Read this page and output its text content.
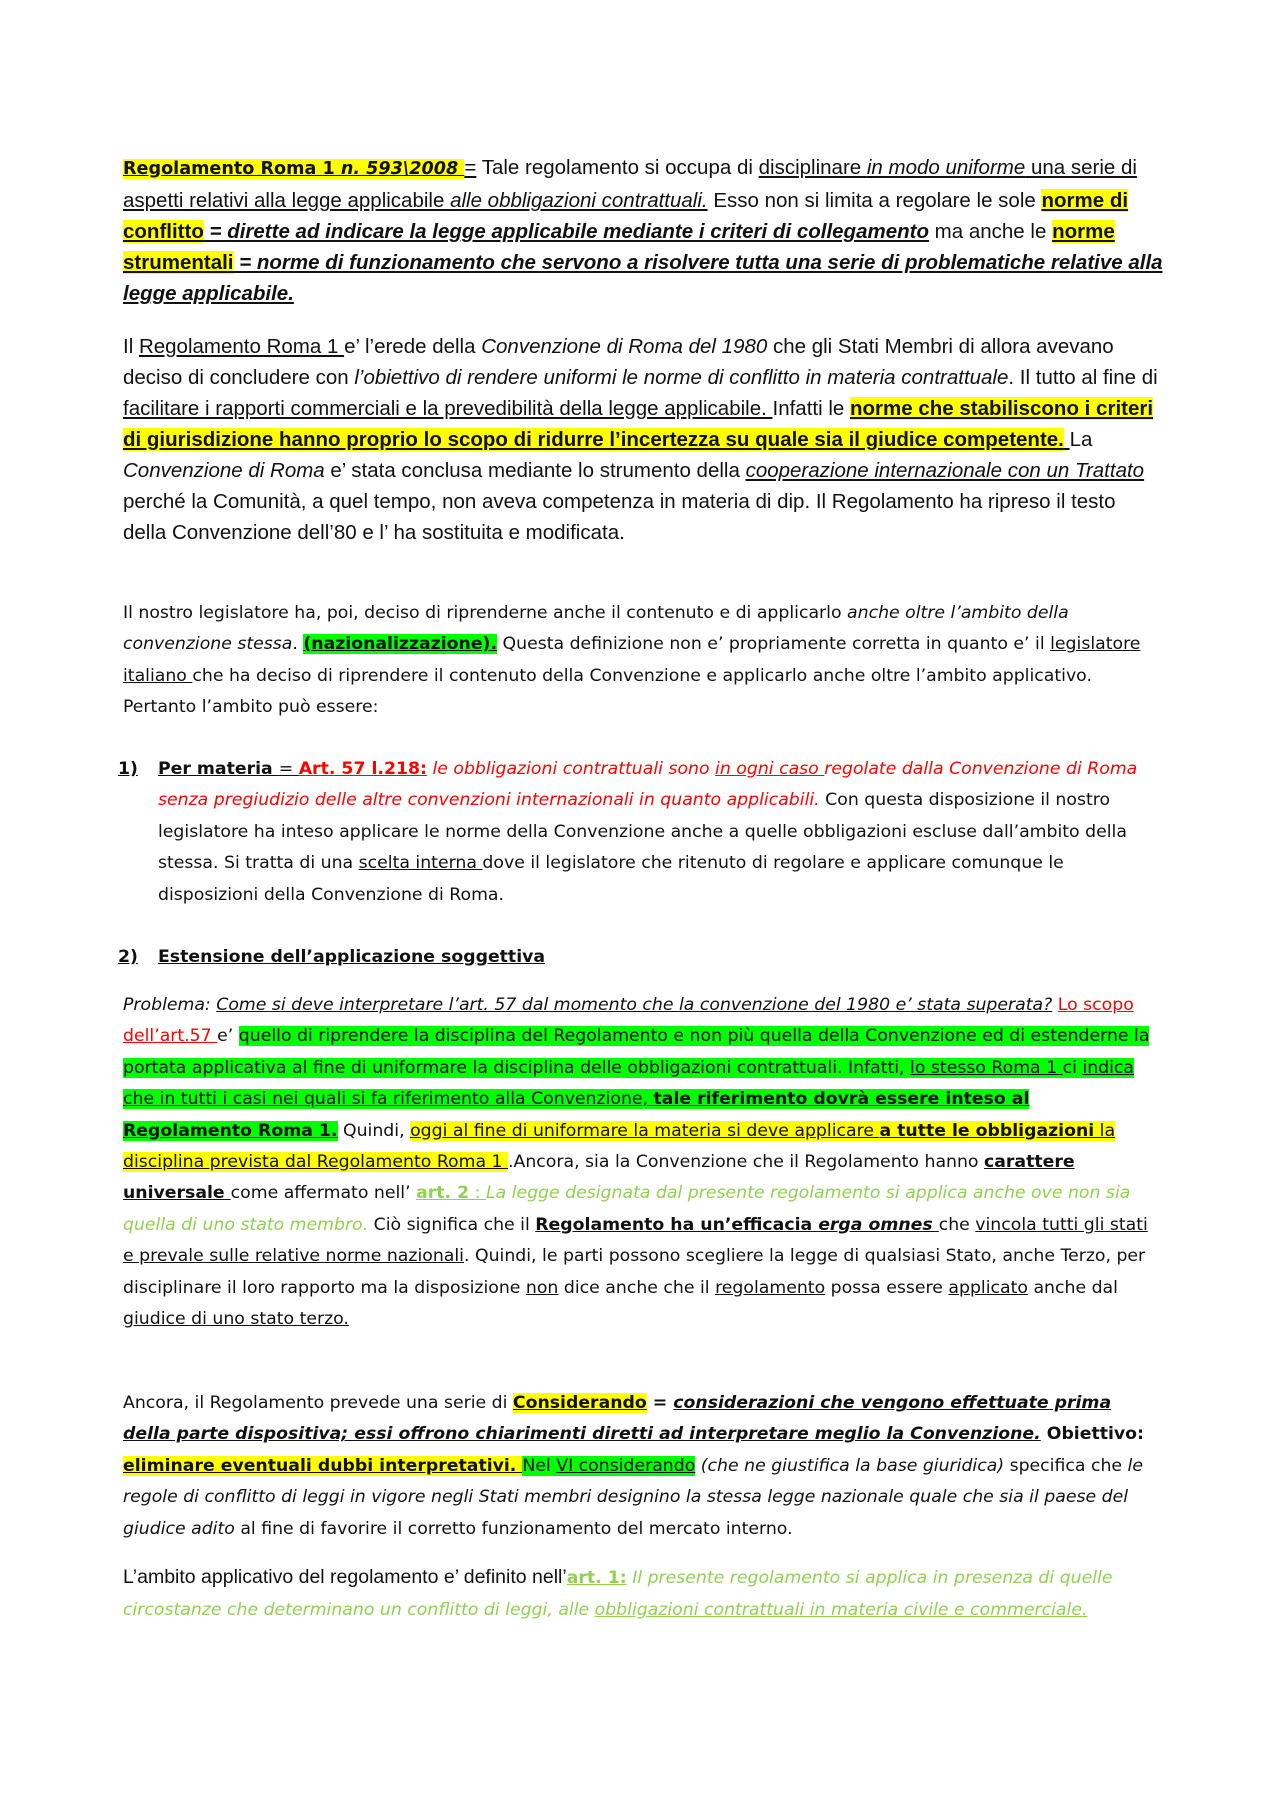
Regolamento Roma 1 n. 593\2008 = Tale regolamento si occupa di disciplinare in modo uniforme una serie di aspetti relativi alla legge applicabile alle obbligazioni contrattuali. Esso non si limita a regolare le sole norme di conflitto = dirette ad indicare la legge applicabile mediante i criteri di collegamento ma anche le norme strumentali = norme di funzionamento che servono a risolvere tutta una serie di problematiche relative alla legge applicabile.

Il Regolamento Roma 1 e’ l’erede della Convenzione di Roma del 1980 che gli Stati Membri di allora avevano deciso di concludere con l’obiettivo di rendere uniformi le norme di conflitto in materia contrattuale. Il tutto al fine di facilitare i rapporti commerciali e la prevedibilità della legge applicabile. Infatti le norme che stabiliscono i criteri di giurisdizione hanno proprio lo scopo di ridurre l’incertezza su quale sia il giudice competente. La Convenzione di Roma e’ stata conclusa mediante lo strumento della cooperazione internazionale con un Trattato perché la Comunità, a quel tempo, non aveva competenza in materia di dip. Il Regolamento ha ripreso il testo della Convenzione dell’80 e l’ ha sostituita e modificata.

Il nostro legislatore ha, poi, deciso di riprenderne anche il contenuto e di applicarlo anche oltre l’ambito della convenzione stessa. (nazionalizzazione). Questa definizione non e’ propriamente corretta in quanto e’ il legislatore italiano che ha deciso di riprendere il contenuto della Convenzione e applicarlo anche oltre l’ambito applicativo. Pertanto l’ambito può essere:

1) Per materia = Art. 57 l.218: le obbligazioni contrattuali sono in ogni caso regolate dalla Convenzione di Roma senza pregiudizio delle altre convenzioni internazionali in quanto applicabili. Con questa disposizione il nostro legislatore ha inteso applicare le norme della Convenzione anche a quelle obbligazioni escluse dall’ambito della stessa. Si tratta di una scelta interna dove il legislatore che ritenuto di regolare e applicare comunque le disposizioni della Convenzione di Roma.

2) Estensione dell’applicazione soggettiva

Problema: Come si deve interpretare l’art. 57 dal momento che la convenzione del 1980 e’ stata superata? Lo scopo dell’art.57 e’ quello di riprendere la disciplina del Regolamento e non più quella della Convenzione ed di estenderne la portata applicativa al fine di uniformare la disciplina delle obbligazioni contrattuali. Infatti, lo stesso Roma 1 ci indica che in tutti i casi nei quali si fa riferimento alla Convenzione, tale riferimento dovrà essere inteso al Regolamento Roma 1. Quindi, oggi al fine di uniformare la materia si deve applicare a tutte le obbligazioni la disciplina prevista dal Regolamento Roma 1 .Ancora, sia la Convenzione che il Regolamento hanno carattere universale come affermato nell’ art. 2 : La legge designata dal presente regolamento si applica anche ove non sia quella di uno stato membro. Ciò significa che il Regolamento ha un’efficacia erga omnes che vincola tutti gli stati e prevale sulle relative norme nazionali. Quindi, le parti possono scegliere la legge di qualsiasi Stato, anche Terzo, per disciplinare il loro rapporto ma la disposizione non dice anche che il regolamento possa essere applicato anche dal giudice di uno stato terzo.

Ancora, il Regolamento prevede una serie di Considerando = considerazioni che vengono effettuate prima della parte dispositiva; essi offrono chiarimenti diretti ad interpretare meglio la Convenzione. Obiettivo: eliminare eventuali dubbi interpretativi. Nel VI considerando (che ne giustifica la base giuridica) specifica che le regole di conflitto di leggi in vigore negli Stati membri designino la stessa legge nazionale quale che sia il paese del giudice adito al fine di favorire il corretto funzionamento del mercato interno.

L’ambito applicativo del regolamento e’ definito nell’art. 1: Il presente regolamento si applica in presenza di quelle circostanze che determinano un conflitto di leggi, alle obbligazioni contrattuali in materia civile e commerciale.
